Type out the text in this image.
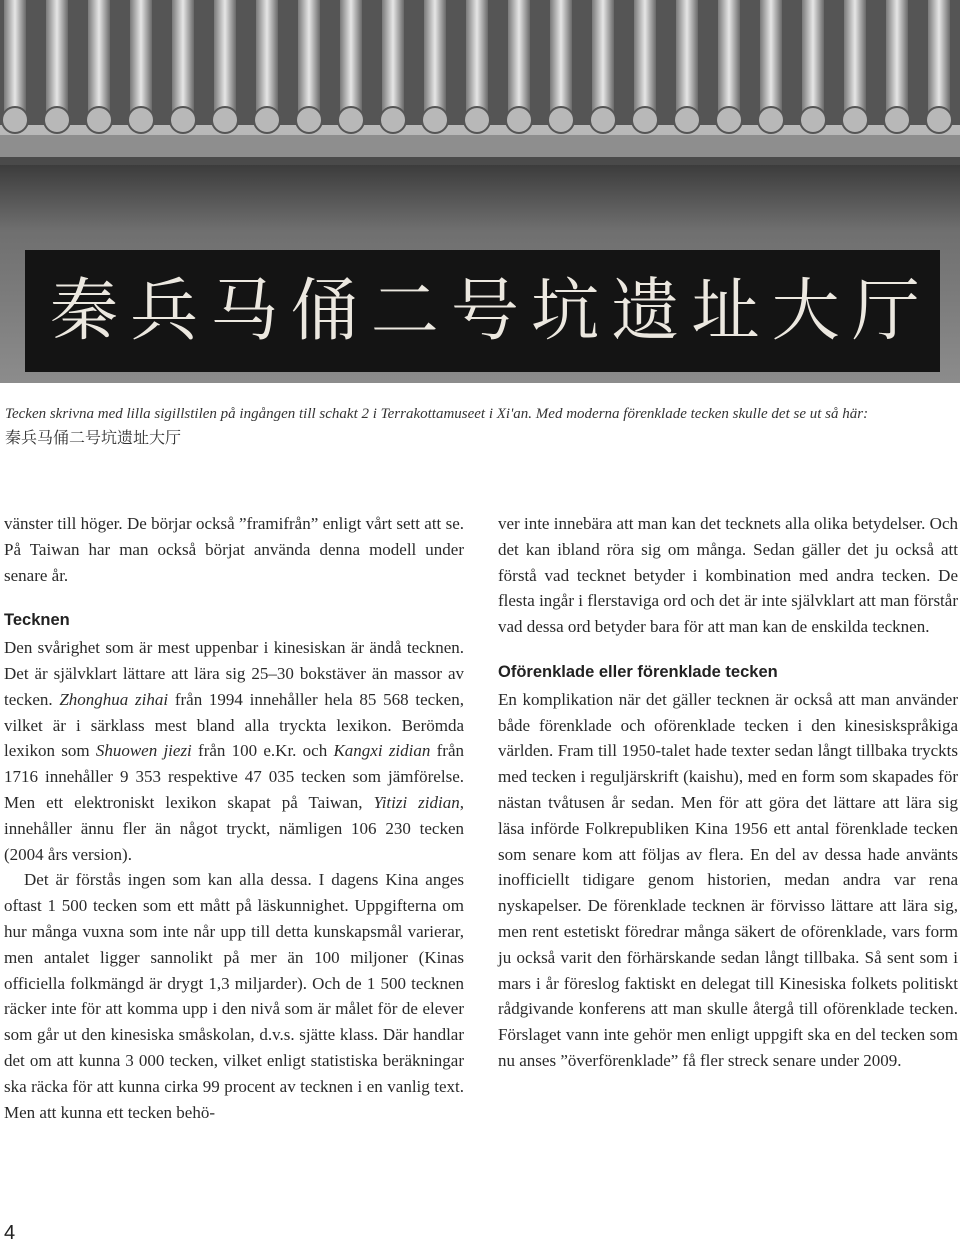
秦 兵 马 俑 二 号 坑 遗 址 大 厅
Tecken skrivna med lilla sigillstilen på ingången till schakt 2 i Terrakottamuseet i Xi'an. Med moderna förenklade tecken skulle det se ut så här:
秦兵马俑二号坑遗址大厅

vänster till höger. De börjar också ”framifrån” enligt vårt sett att se. På Taiwan har man också börjat använda denna modell under senare år.

Tecknen

Den svårighet som är mest uppenbar i kinesiskan är ändå tecknen. Det är självklart lättare att lära sig 25–30 bokstäver än massor av tecken. Zhonghua zihai från 1994 innehåller hela 85 568 tecken, vilket är i särklass mest bland alla tryckta lexikon. Berömda lexikon som Shuowen jiezi från 100 e.Kr. och Kangxi zidian från 1716 innehåller 9 353 respektive 47 035 tecken som jämförelse. Men ett elektroniskt lexikon skapat på Taiwan, Yitizi zidian, innehåller ännu fler än något tryckt, nämligen 106 230 tecken (2004 års version).

Det är förstås ingen som kan alla dessa. I dagens Kina anges oftast 1 500 tecken som ett mått på läskunnighet. Uppgifterna om hur många vuxna som inte når upp till detta kunskapsmål varierar, men antalet ligger sannolikt på mer än 100 miljoner (Kinas officiella folkmängd är drygt 1,3 miljarder). Och de 1 500 tecknen räcker inte för att komma upp i den nivå som är målet för de elever som går ut den kinesiska småskolan, d.v.s. sjätte klass. Där handlar det om att kunna 3 000 tecken, vilket enligt statistiska beräkningar ska räcka för att kunna cirka 99 procent av tecknen i en vanlig text. Men att kunna ett tecken behö-

ver inte innebära att man kan det tecknets alla olika betydelser. Och det kan ibland röra sig om många. Sedan gäller det ju också att förstå vad tecknet betyder i kombination med andra tecken. De flesta ingår i flerstaviga ord och det är inte självklart att man förstår vad dessa ord betyder bara för att man kan de enskilda tecknen.

Oförenklade eller förenklade tecken

En komplikation när det gäller tecknen är också att man använder både förenklade och oförenklade tecken i den kinesiskspråkiga världen. Fram till 1950-talet hade texter sedan långt tillbaka tryckts med tecken i reguljärskrift (kaishu), med en form som skapades för nästan tvåtusen år sedan. Men för att göra det lättare att lära sig läsa införde Folkrepubliken Kina 1956 ett antal förenklade tecken som senare kom att följas av flera. En del av dessa hade använts inofficiellt tidigare genom historien, medan andra var rena nyskapelser. De förenklade tecknen är förvisso lättare att lära sig, men rent estetiskt föredrar många säkert de oförenklade, vars form ju också varit den förhärskande sedan långt tillbaka. Så sent som i mars i år föreslog faktiskt en delegat till Kinesiska folkets politiskt rådgivande konferens att man skulle återgå till oförenklade tecken. Förslaget vann inte gehör men enligt uppgift ska en del tecken som nu anses ”överförenklade” få fler streck senare under 2009.

4
